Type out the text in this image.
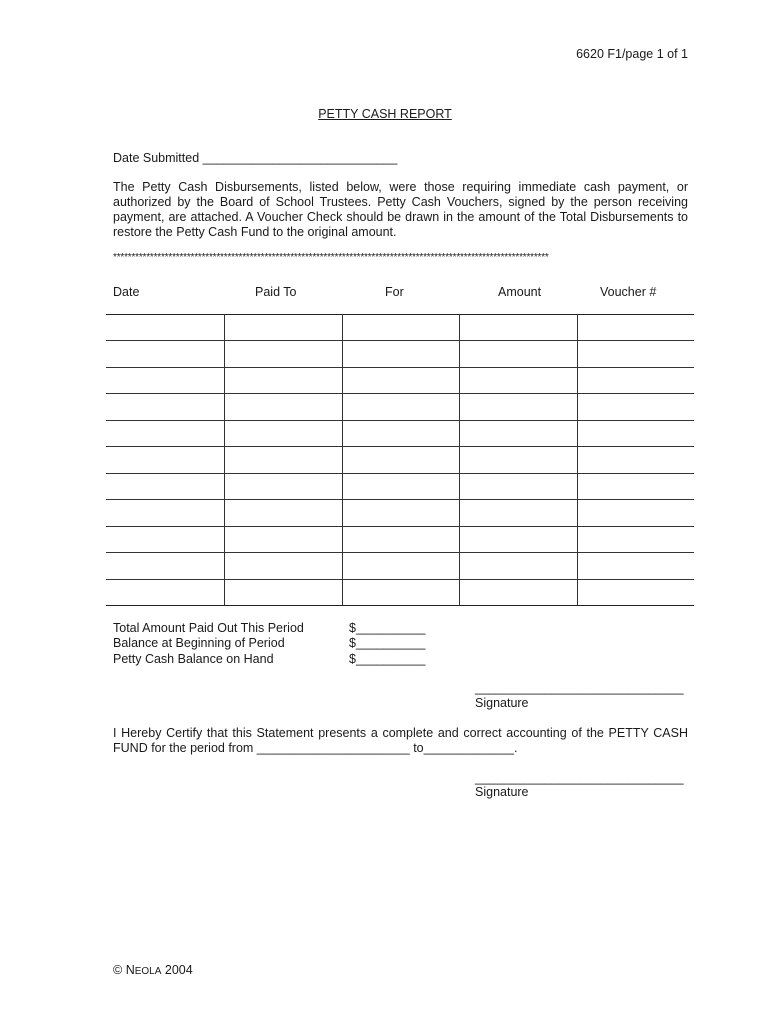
6620 F1/page 1 of 1
PETTY CASH REPORT
Date Submitted ____________________________
The Petty Cash Disbursements, listed below, were those requiring immediate cash payment, or authorized by the Board of School Trustees. Petty Cash Vouchers, signed by the person receiving payment, are attached. A Voucher Check should be drawn in the amount of the Total Disbursements to restore the Petty Cash Fund to the original amount.
**********************************************************************************************************************
Date	Paid To	For	Amount	Voucher #

Total Amount Paid Out This Period	$__________
Balance at Beginning of Period	$__________
Petty Cash Balance on Hand	$__________
______________________________
Signature
I Hereby Certify that this Statement presents a complete and correct accounting of the PETTY CASH FUND for the period from ______________________ to_____________.
______________________________
Signature
© NEOLA 2004
